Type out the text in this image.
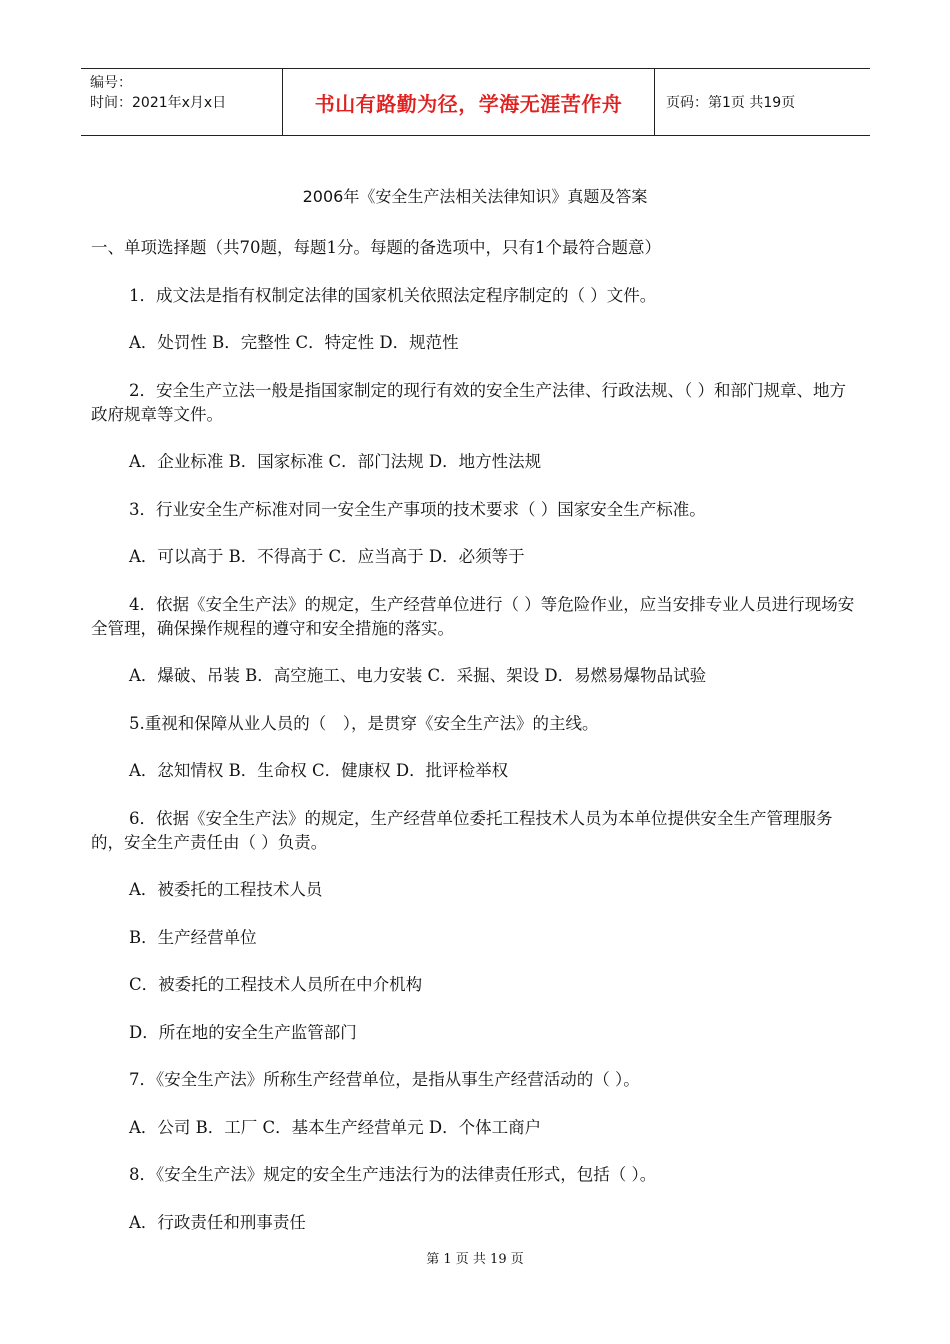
编号：
时间：2021年x月x日	书山有路勤为径，学海无涯苦作舟	页码：第1页 共19页
2006年《安全生产法相关法律知识》真题及答案

一、单项选择题（共70题，每题1分。每题的备选项中，只有1个最符合题意）

1．成文法是指有权制定法律的国家机关依照法定程序制定的（ ）文件。

A．处罚性 B．完整性 C．特定性 D．规范性

2．安全生产立法一般是指国家制定的现行有效的安全生产法律、行政法规、（ ）和部门规章、地方政府规章等文件。

A．企业标准 B．国家标准 C．部门法规 D．地方性法规

3．行业安全生产标准对同一安全生产事项的技术要求（ ）国家安全生产标准。

A．可以高于 B．不得高于 C．应当高于 D．必须等于

4．依据《安全生产法》的规定，生产经营单位进行（ ）等危险作业，应当安排专业人员进行现场安全管理，确保操作规程的遵守和安全措施的落实。

A．爆破、吊装 B．高空施工、电力安装 C．采掘、架设 D．易燃易爆物品试验

5.重视和保障从业人员的（　），是贯穿《安全生产法》的主线。

A．忿知情权 B．生命权 C．健康权 D．批评检举权

6．依据《安全生产法》的规定，生产经营单位委托工程技术人员为本单位提供安全生产管理服务的，安全生产责任由（ ）负责。

A．被委托的工程技术人员

B．生产经营单位

C．被委托的工程技术人员所在中介机构

D．所在地的安全生产监管部门

7．《安全生产法》所称生产经营单位，是指从事生产经营活动的（ ）。

A．公司 B．工厂 C．基本生产经营单元 D．个体工商户

8．《安全生产法》规定的安全生产违法行为的法律责任形式，包括（ ）。

A．行政责任和刑事责任

第 1 页 共 19 页
